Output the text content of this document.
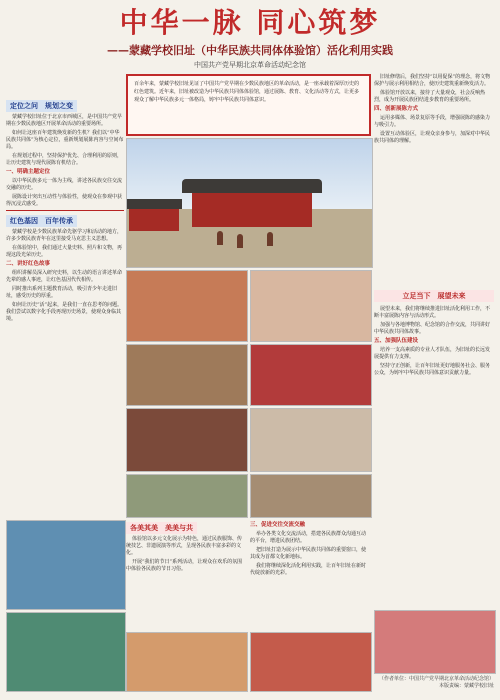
中华一脉 同心筑梦
——蒙藏学校旧址（中华民族共同体体验馆）活化利用实践
中国共产党早期北京革命活动纪念馆
百余年来，蒙藏学校旧址见证了中国共产党早期在少数民族地区的革命活动，是一座承载着深厚历史的红色建筑。近年来，旧址被改造为中华民族共同体体验馆，通过展陈、教育、文化活动等方式，让更多观众了解中华民族多元一体格局，铸牢中华民族共同体意识。
定位之问　规划之变
蒙藏学校旧址位于北京市西城区，是中国共产党早期在少数民族地区开展革命活动的重要场所。
如何让这座百年建筑焕发新的生机？我们以“中华民族共同体”为核心定位，重新规划展陈内容与空间布局。
在规划过程中，坚持保护优先、合理利用的原则，让历史建筑与现代展陈有机结合。
一、明确主题定位
以中华民族多元一体为主线，讲述各民族交往交流交融的历史。
展陈设计突出互动性与体验性，使观众在参观中获得沉浸式感受。
红色基因　百年传承
蒙藏学校是少数民族革命先驱学习和活动的地方，许多少数民族青年在这里接受马克思主义思想。
在体验馆中，我们通过大量史料、照片和文物，再现这段光荣历史。
二、讲好红色故事
组织讲解员深入研究史料，以生动的语言讲述革命先辈的感人事迹，让红色基因代代相传。
同时推出系列主题教育活动，吸引青少年走进旧址，感受历史的厚重。
如何让历史“活”起来，是我们一直在思考的问题。我们尝试以数字化手段再现历史场景，使观众身临其境。
各美其美　美美与共
体验馆以多元文化展示为特色，通过民族服饰、传统技艺、非遗展演等形式，呈现各民族丰富多彩的文化。
开展“我们的节日”系列活动，让观众在欢乐的氛围中体验各民族的节日习俗。
三、促进交往交流交融
举办各类文化交流活动，搭建各民族群众沟通互动的平台，增进民族团结。
把旧址打造为展示中华民族共同体的重要窗口，使其成为首都文化新地标。
我们将继续深化活化利用实践，让百年旧址在新时代绽放新的光彩。
旧址修缮后，我们坚持“以用促保”的理念，将文物保护与展示利用相结合，使历史建筑重新焕发活力。
体验馆开放以来，接待了大量观众，社会反响热烈，成为开展民族团结进步教育的重要场所。
四、创新展陈方式
运用多媒体、场景复原等手段，增强展陈的感染力与吸引力。
设置互动体验区，让观众亲身参与，加深对中华民族共同体的理解。
立足当下　展望未来
展望未来，我们将继续推进旧址活化利用工作，不断丰富展陈内容与活动形式。
加强与各地博物馆、纪念馆的合作交流，共同讲好中华民族共同体故事。
五、加强队伍建设
培养一支高素质的专业人才队伍，为旧址的长远发展提供有力支撑。
坚持守正创新，让百年旧址更好地服务社会、服务公众，为铸牢中华民族共同体意识贡献力量。
（作者单位：中国共产党早期北京革命活动纪念馆）
本版责编：蒙藏学校旧址
